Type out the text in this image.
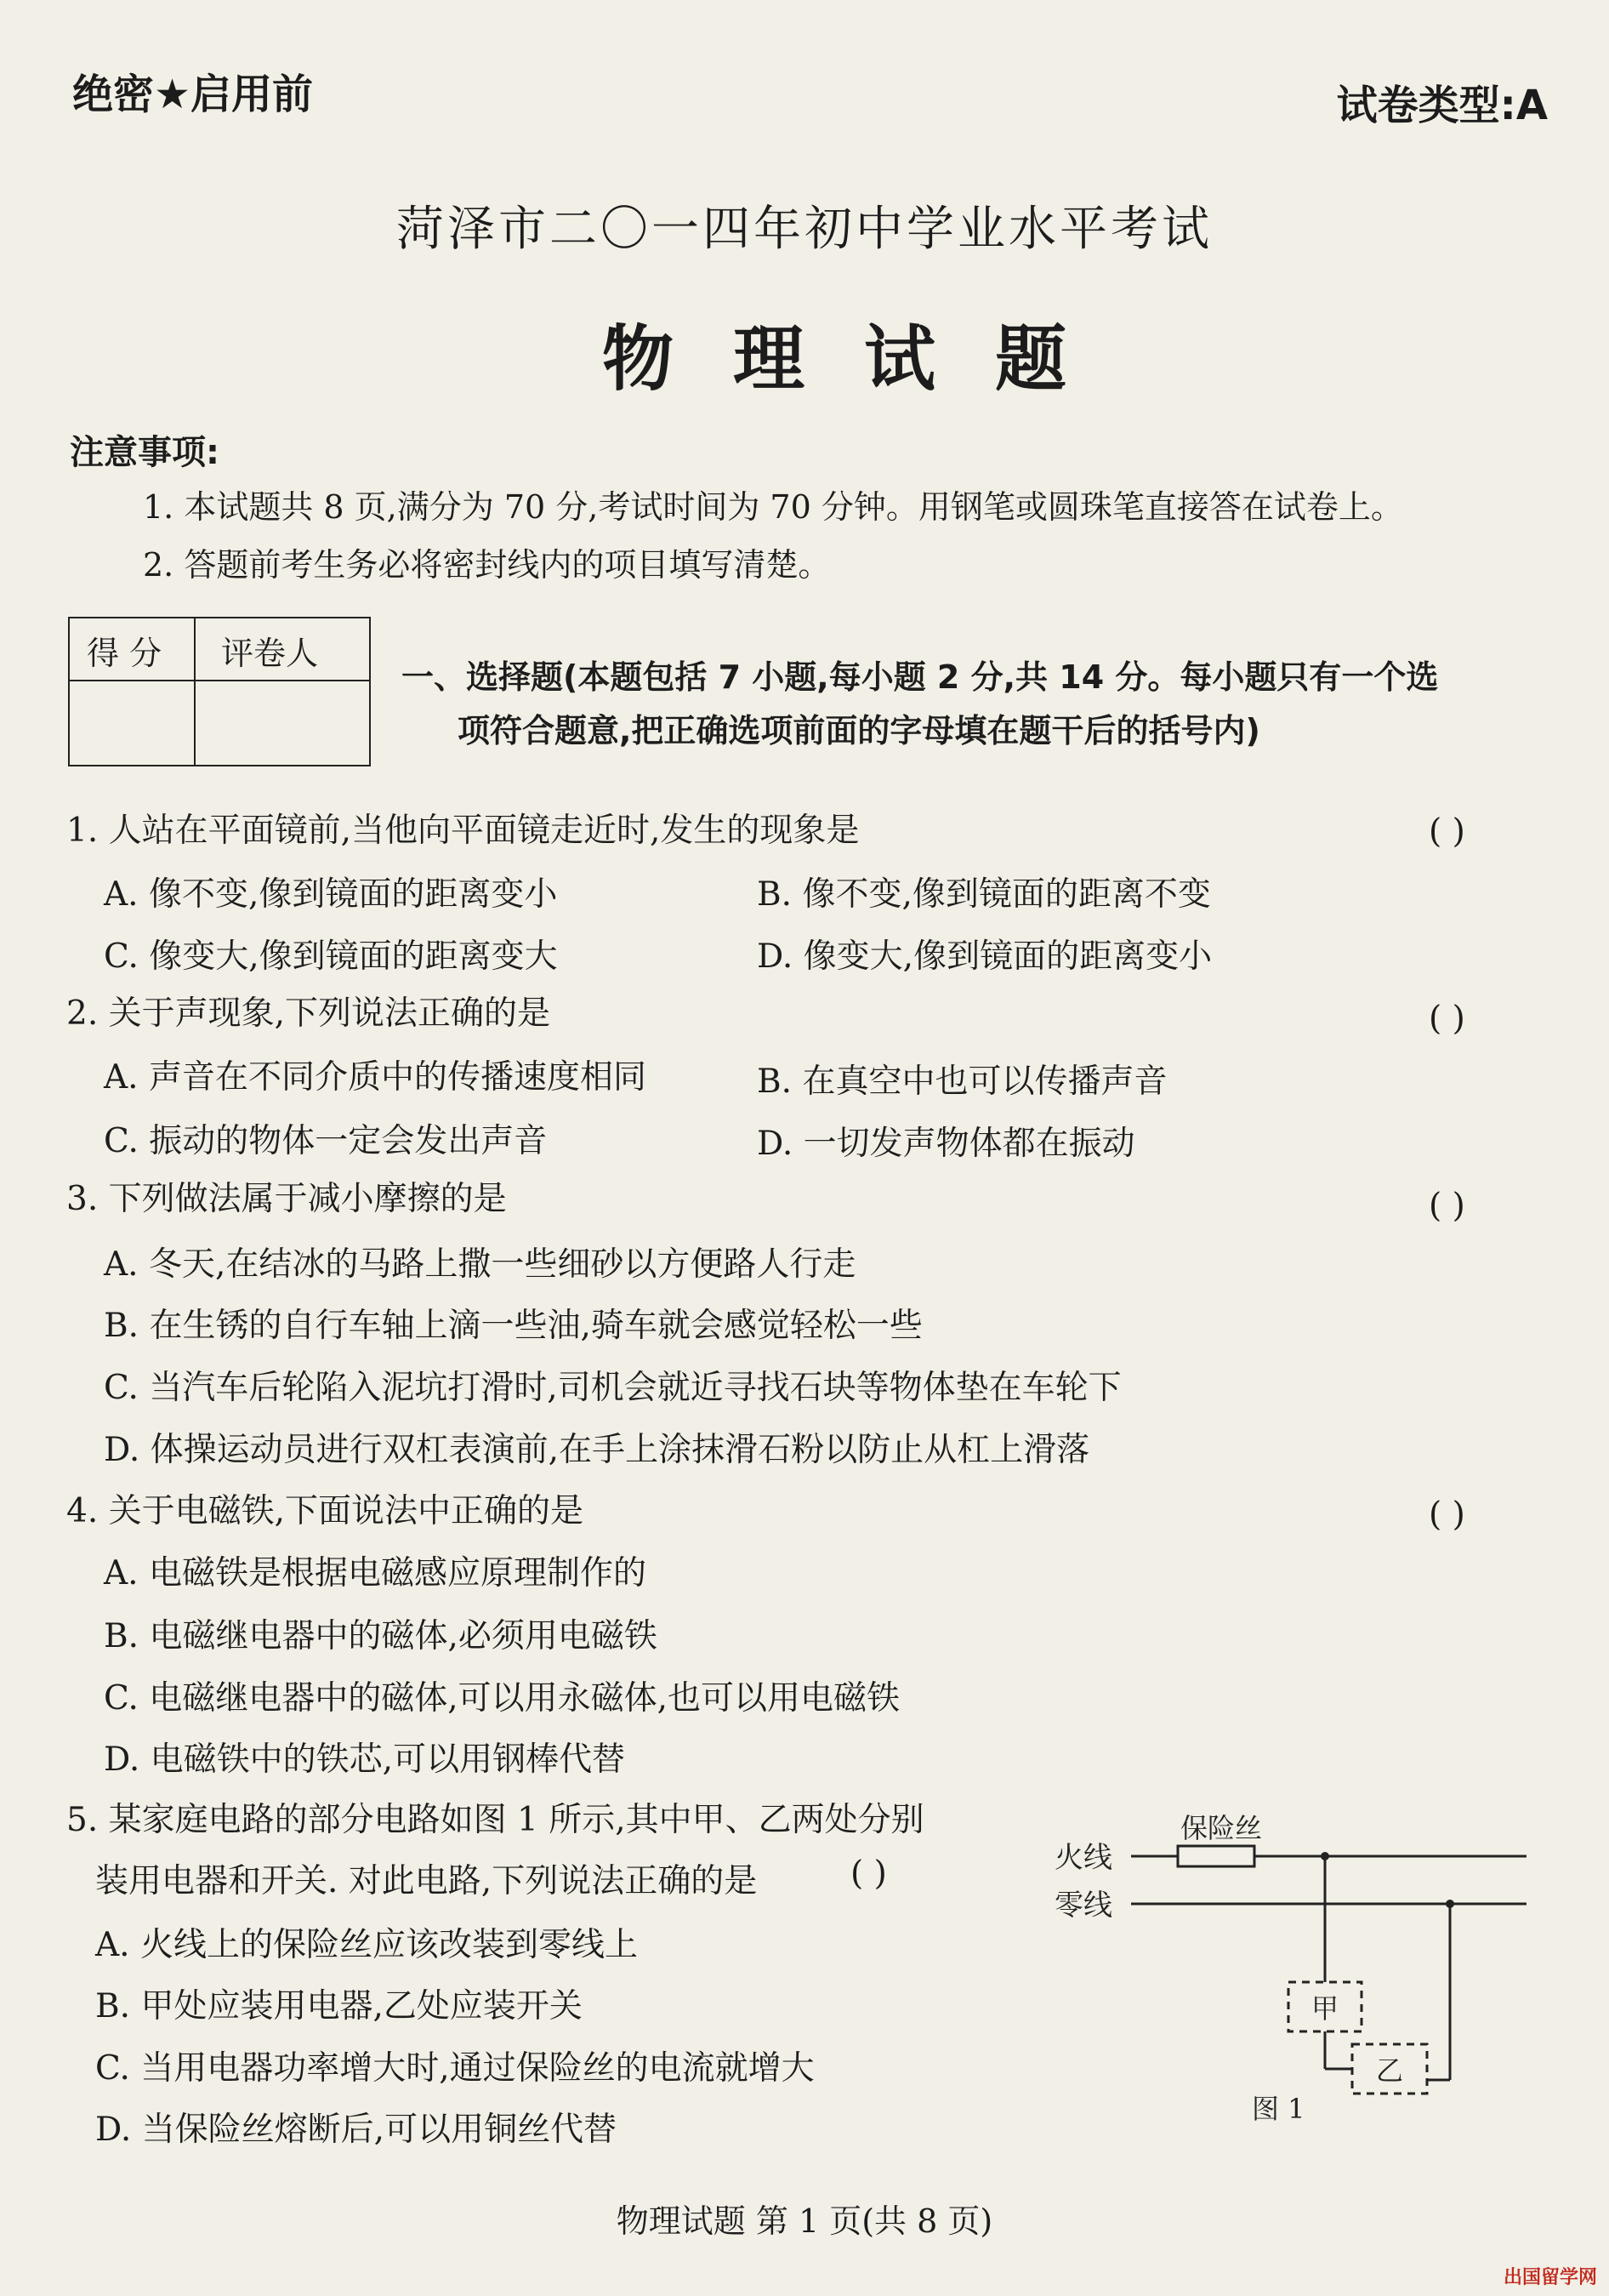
绝密★启用前	试卷类型:A
菏泽市二〇一四年初中学业水平考试
物理试题
注意事项:
1. 本试题共 8 页,满分为 70 分,考试时间为 70 分钟。用钢笔或圆珠笔直接答在试卷上。
2. 答题前考生务必将密封线内的项目填写清楚。
得 分 评卷人
一、选择题(本题包括 7 小题,每小题 2 分,共 14 分。每小题只有一个选
项符合题意,把正确选项前面的字母填在题干后的括号内)
1. 人站在平面镜前,当他向平面镜走近时,发生的现象是	( )
A. 像不变,像到镜面的距离变小	B. 像不变,像到镜面的距离不变
C. 像变大,像到镜面的距离变大	D. 像变大,像到镜面的距离变小
2. 关于声现象,下列说法正确的是	( )
A. 声音在不同介质中的传播速度相同	B. 在真空中也可以传播声音
C. 振动的物体一定会发出声音	D. 一切发声物体都在振动
3. 下列做法属于减小摩擦的是	( )
A. 冬天,在结冰的马路上撒一些细砂以方便路人行走
B. 在生锈的自行车轴上滴一些油,骑车就会感觉轻松一些
C. 当汽车后轮陷入泥坑打滑时,司机会就近寻找石块等物体垫在车轮下
D. 体操运动员进行双杠表演前,在手上涂抹滑石粉以防止从杠上滑落
4. 关于电磁铁,下面说法中正确的是	( )
A. 电磁铁是根据电磁感应原理制作的
B. 电磁继电器中的磁体,必须用电磁铁
C. 电磁继电器中的磁体,可以用永磁体,也可以用电磁铁
D. 电磁铁中的铁芯,可以用钢棒代替
5. 某家庭电路的部分电路如图 1 所示,其中甲、乙两处分别
装用电器和开关. 对此电路,下列说法正确的是	( )
A. 火线上的保险丝应该改装到零线上
B. 甲处应装用电器,乙处应装开关
C. 当用电器功率增大时,通过保险丝的电流就增大
D. 当保险丝熔断后,可以用铜丝代替
火线
零线
保险丝
甲
乙
图 1
物理试题 第 1 页(共 8 页)
出国留学网
